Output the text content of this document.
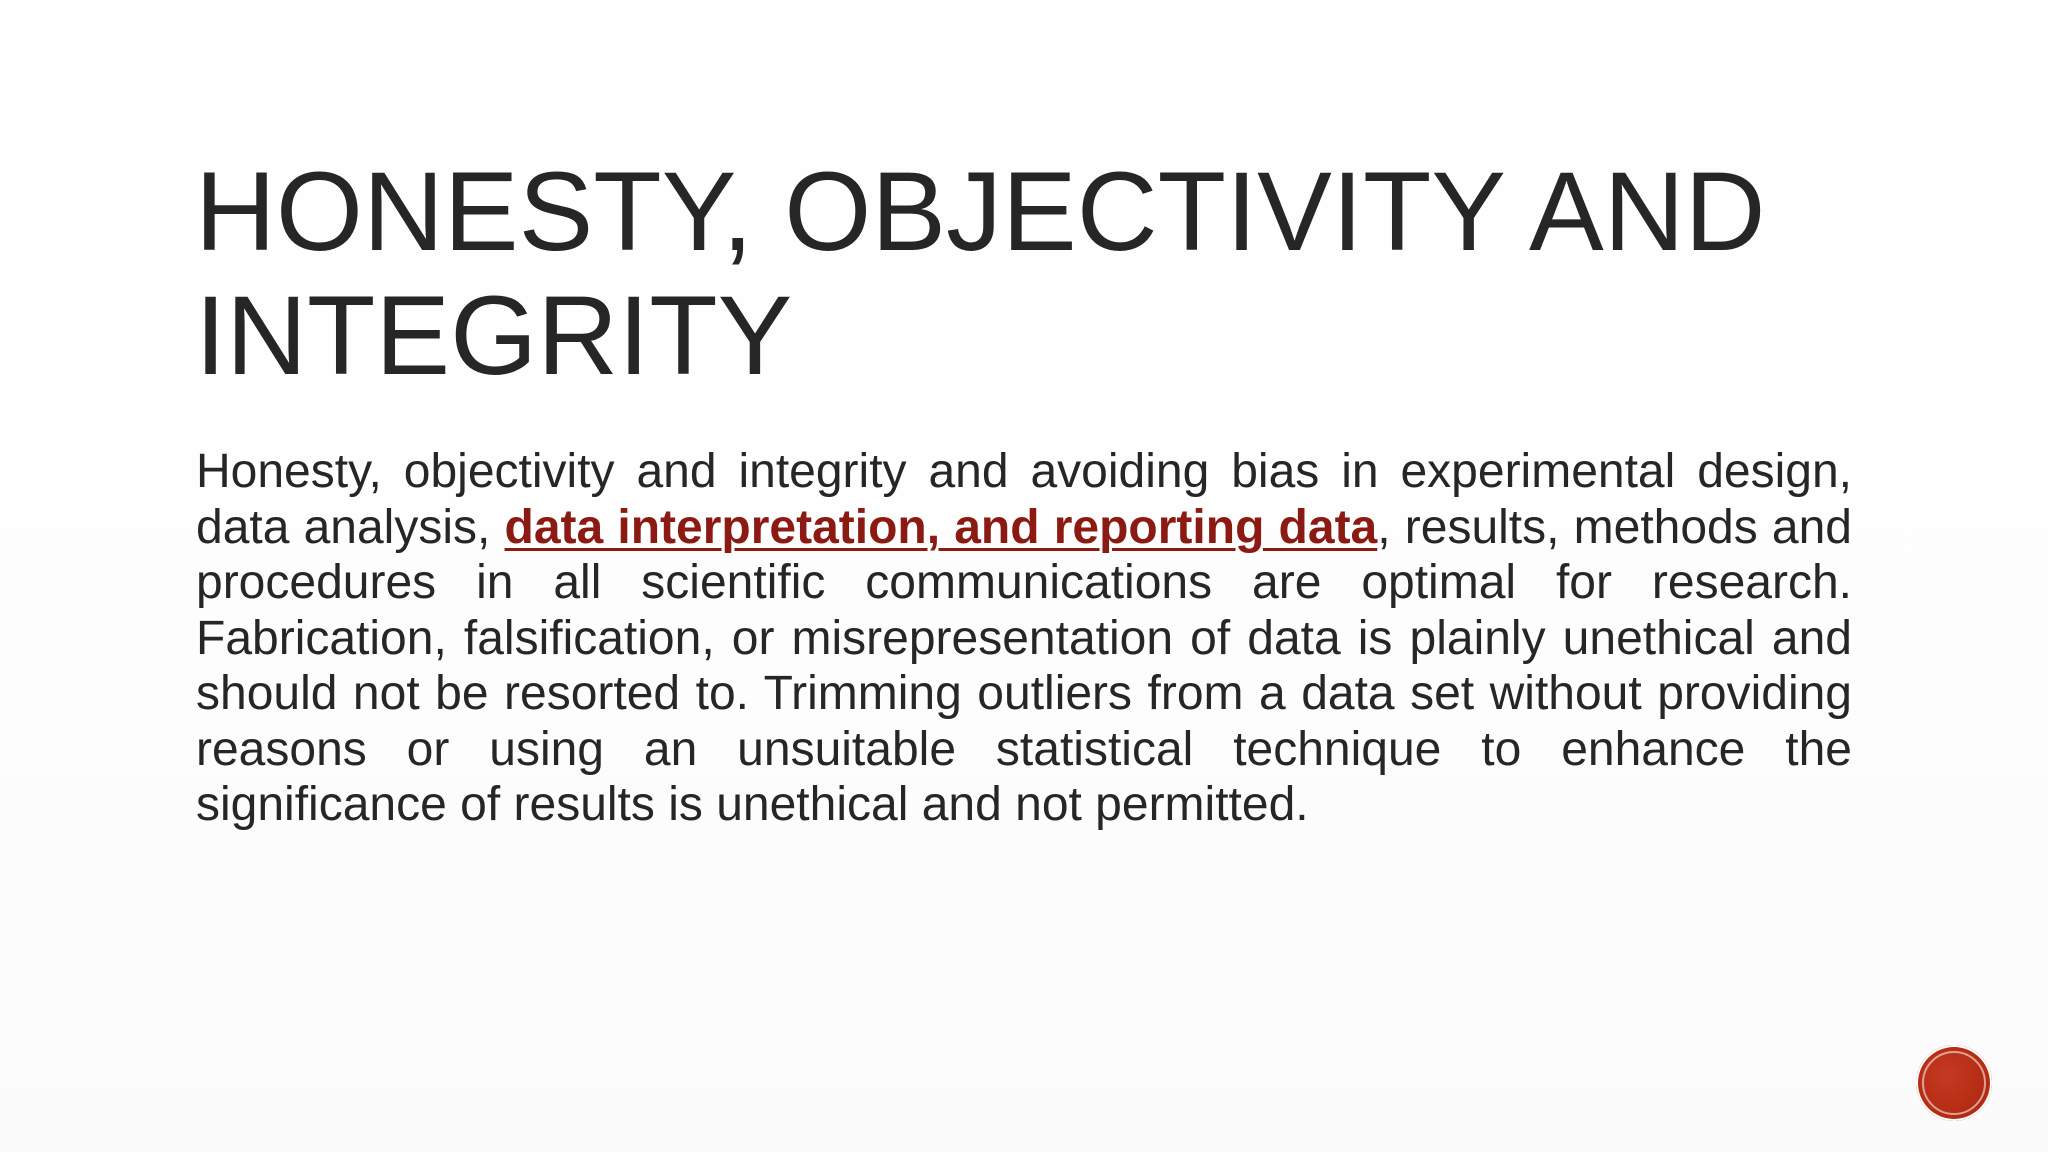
HONESTY, OBJECTIVITY AND INTEGRITY

Honesty, objectivity and integrity and avoiding bias in experimental design, data analysis, data interpretation, and reporting data, results, methods and procedures in all scientific communications are optimal for research. Fabrication, falsification, or misrepresentation of data is plainly unethical and should not be resorted to. Trimming outliers from a data set without providing reasons or using an unsuitable statistical technique to enhance the significance of results is unethical and not permitted.
